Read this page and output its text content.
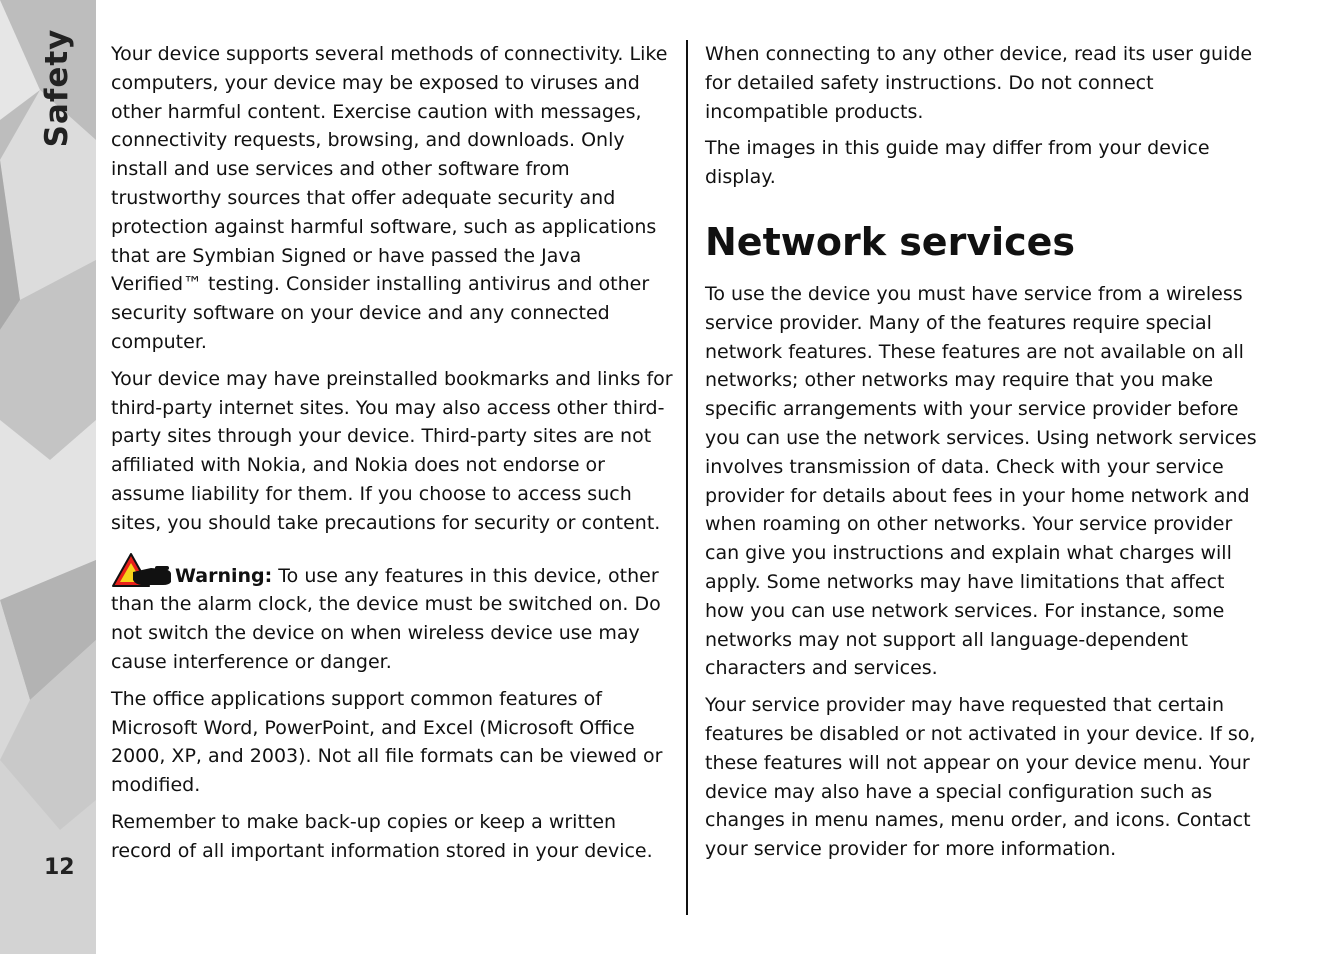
Safety
12

Your device supports several methods of connectivity. Like computers, your device may be exposed to viruses and other harmful content. Exercise caution with messages, connectivity requests, browsing, and downloads. Only install and use services and other software from trustworthy sources that offer adequate security and protection against harmful software, such as applications that are Symbian Signed or have passed the Java Verified™ testing. Consider installing antivirus and other security software on your device and any connected computer.

Your device may have preinstalled bookmarks and links for third-party internet sites. You may also access other third-party sites through your device. Third-party sites are not affiliated with Nokia, and Nokia does not endorse or assume liability for them. If you choose to access such sites, you should take precautions for security or content.

Warning: To use any features in this device, other than the alarm clock, the device must be switched on. Do not switch the device on when wireless device use may cause interference or danger.

The office applications support common features of Microsoft Word, PowerPoint, and Excel (Microsoft Office 2000, XP, and 2003). Not all file formats can be viewed or modified.

Remember to make back-up copies or keep a written record of all important information stored in your device.

When connecting to any other device, read its user guide for detailed safety instructions. Do not connect incompatible products.

The images in this guide may differ from your device display.

Network services

To use the device you must have service from a wireless service provider. Many of the features require special network features. These features are not available on all networks; other networks may require that you make specific arrangements with your service provider before you can use the network services. Using network services involves transmission of data. Check with your service provider for details about fees in your home network and when roaming on other networks. Your service provider can give you instructions and explain what charges will apply. Some networks may have limitations that affect how you can use network services. For instance, some networks may not support all language-dependent characters and services.

Your service provider may have requested that certain features be disabled or not activated in your device. If so, these features will not appear on your device menu. Your device may also have a special configuration such as changes in menu names, menu order, and icons. Contact your service provider for more information.
